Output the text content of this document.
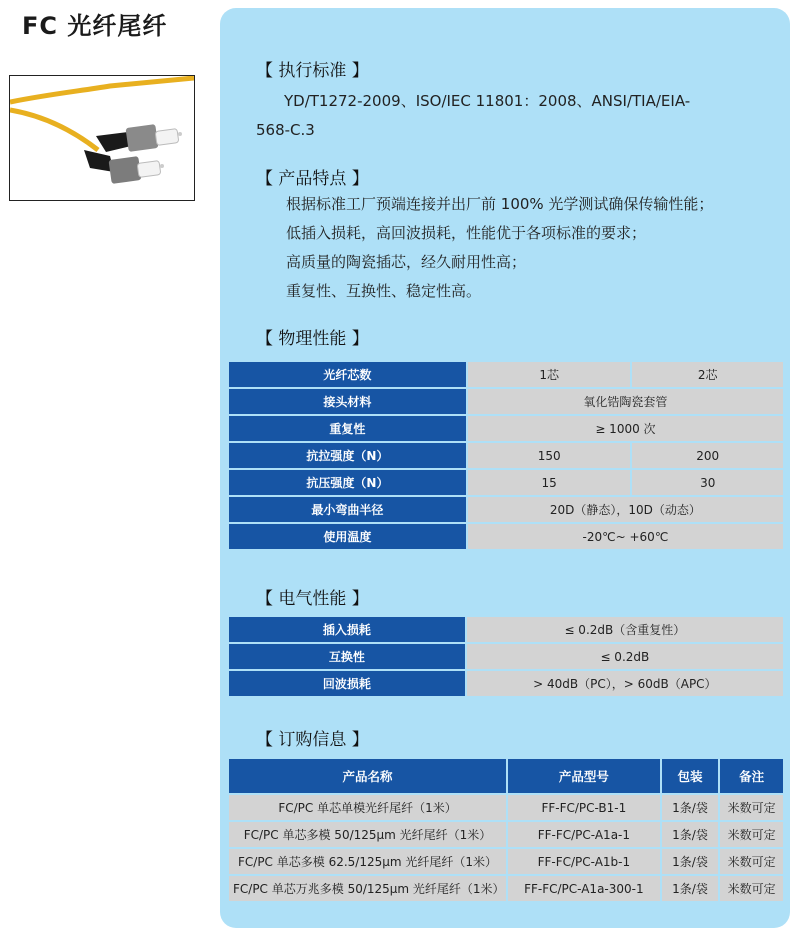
FC 光纤尾纤
【 执行标准 】
YD/T1272-2009、ISO/IEC 11801：2008、ANSI/TIA/EIA-
568-C.3
【 产品特点 】
根据标准工厂预端连接并出厂前 100% 光学测试确保传输性能；
低插入损耗，高回波损耗，性能优于各项标准的要求；
高质量的陶瓷插芯，经久耐用性高；
重复性、互换性、稳定性高。
【 物理性能 】
光纤芯数	1芯	2芯
接头材料	氧化锆陶瓷套管	
重复性	≥ 1000 次	
抗拉强度（N）	150	200
抗压强度（N）	15	30
最小弯曲半径	20D（静态），10D（动态）	
使用温度	-20℃~ +60℃	
【 电气性能 】
插入损耗	≤ 0.2dB（含重复性）
互换性	≤ 0.2dB
回波损耗	> 40dB（PC），> 60dB（APC）
【 订购信息 】
产品名称	产品型号	包装	备注
FC/PC 单芯单模光纤尾纤（1米）	FF-FC/PC-B1-1	1条/袋	米数可定
FC/PC 单芯多模 50/125μm 光纤尾纤（1米）	FF-FC/PC-A1a-1	1条/袋	米数可定
FC/PC 单芯多模 62.5/125μm 光纤尾纤（1米）	FF-FC/PC-A1b-1	1条/袋	米数可定
FC/PC 单芯万兆多模 50/125μm 光纤尾纤（1米）	FF-FC/PC-A1a-300-1	1条/袋	米数可定
